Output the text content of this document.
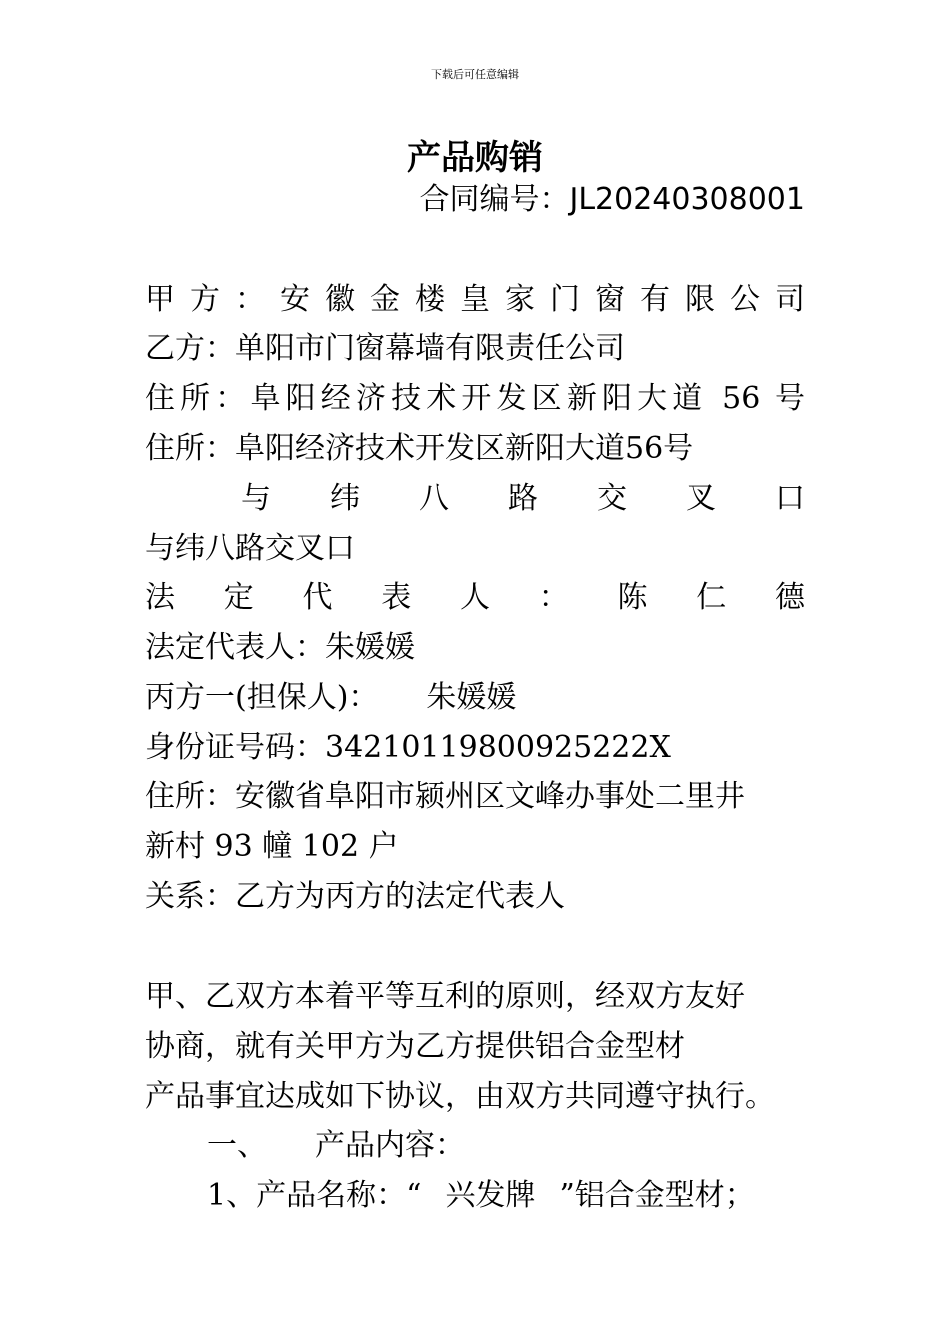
下载后可任意编辑
产品购销
合同编号：JL20240308001
甲方：安徽金楼皇家门窗有限公司
乙方：单阳市门窗幕墙有限责任公司
住所：阜阳经济技术开发区新阳大道 56 号
住所：阜阳经济技术开发区新阳大道56号
与纬八路交叉口
与纬八路交叉口
法定代表人：陈仁德
法定代表人：朱媛媛
丙方一(担保人)： 朱媛媛
身份证号码：34210119800925222X
住所：安徽省阜阳市颍州区文峰办事处二里井
新村 93 幢 102 户
关系：乙方为丙方的法定代表人
甲、乙双方本着平等互利的原则，经双方友好
协商，就有关甲方为乙方提供铝合金型材
产品事宜达成如下协议，由双方共同遵守执行。
一、 产品内容：
1、产品名称：“ 兴发牌 ”铝合金型材；
